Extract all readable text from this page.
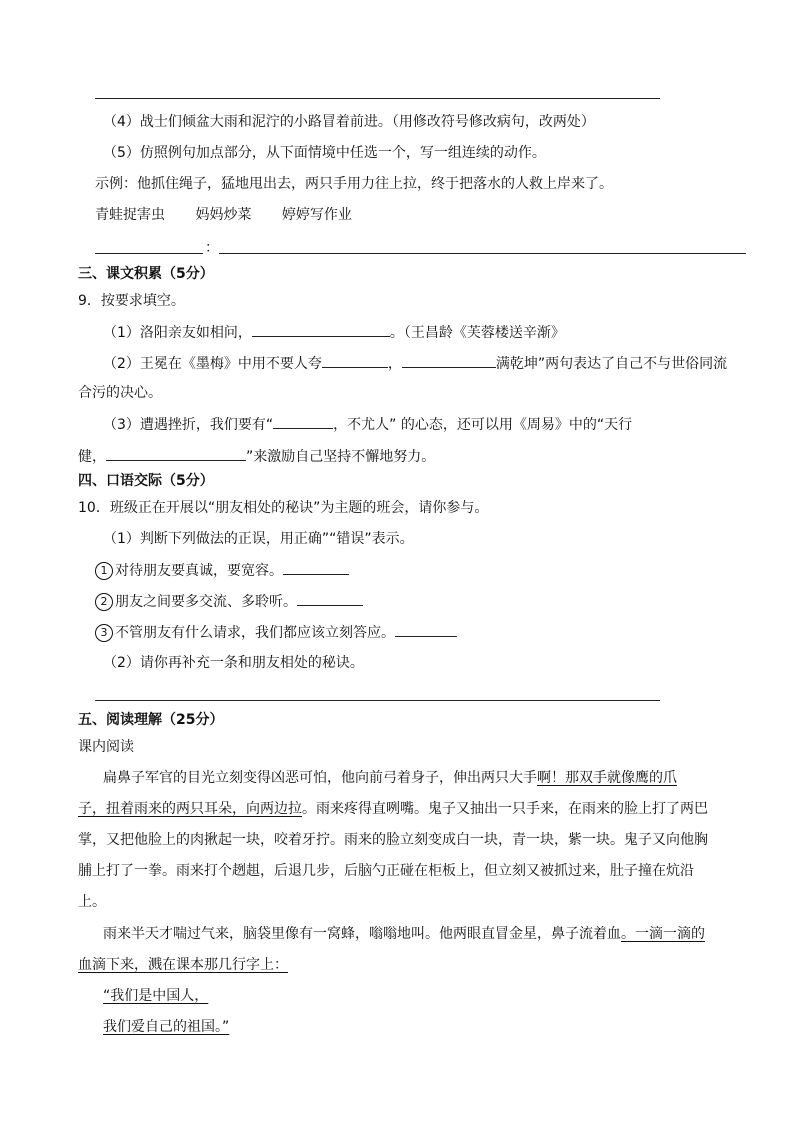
（4）战士们倾盆大雨和泥泞的小路冒着前进。（用修改符号修改病句，改两处）
（5）仿照例句加点部分，从下面情境中任选一个，写一组连续的动作。
示例：他抓住绳子，猛地甩出去，两只手用力往上拉，终于把落水的人救上岸来了。
青蛙捉害虫 妈妈炒菜 婷婷写作业
：
三、课文积累（5分）
9．按要求填空。
（1）洛阳亲友如相问，	。（王昌龄《芙蓉楼送辛渐》
（2）王冕在《墨梅》中用不要人夸	，	满乾坤”两句表达了自己不与世俗同流
合污的决心。
（3）遭遇挫折，我们要有“	，不尤人” 的心态，还可以用《周易》中的“天行
健，	”来激励自己坚持不懈地努力。
四、口语交际（5分）
10．班级正在开展以“朋友相处的秘诀”为主题的班会，请你参与。
（1）判断下列做法的正误，用正确”“错误”表示。
1 对待朋友要真诚，要宽容。
2 朋友之间要多交流、多聆听。
3 不管朋友有什么请求，我们都应该立刻答应。
（2）请你再补充一条和朋友相处的秘诀。
五、阅读理解（25分）
课内阅读
扁鼻子军官的目光立刻变得凶恶可怕，他向前弓着身子，伸出两只大手啊！那双手就像鹰的爪
子，扭着雨来的两只耳朵，向两边拉。雨来疼得直咧嘴。鬼子又抽出一只手来，在雨来的脸上打了两巴
掌，又把他脸上的肉揪起一块，咬着牙拧。雨来的脸立刻变成白一块，青一块，紫一块。鬼子又向他胸
脯上打了一拳。雨来打个趔趄，后退几步，后脑勺正碰在柜板上，但立刻又被抓过来，肚子撞在炕沿
上。
雨来半天才喘过气来，脑袋里像有一窝蜂，嗡嗡地叫。他两眼直冒金星，鼻子流着血。一滴一滴的
血滴下来，溅在课本那几行字上：
“我们是中国人，
我们爱自己的祖国。”
